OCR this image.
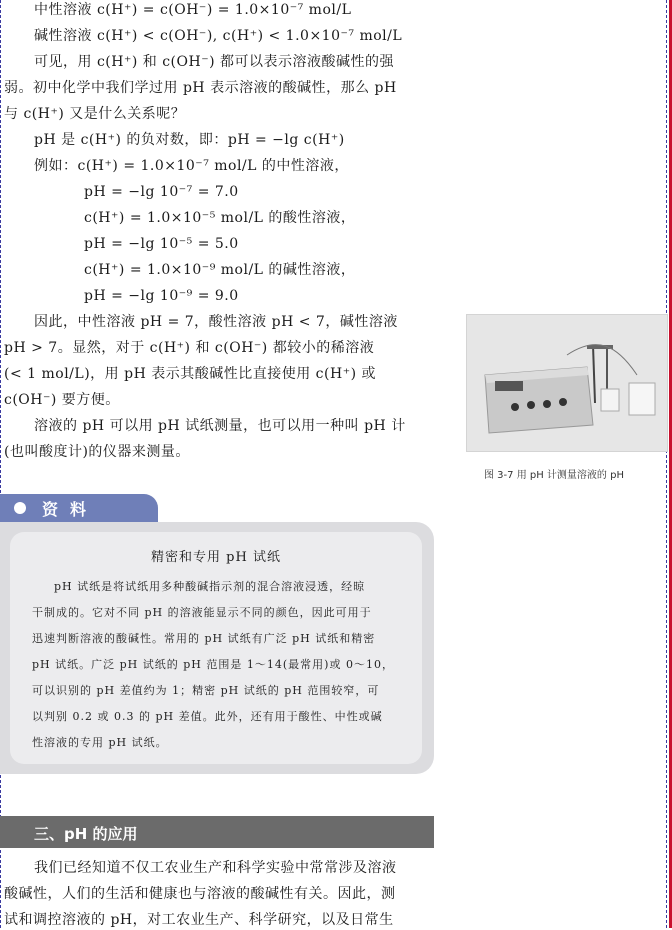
中性溶液 c(H⁺) = c(OH⁻) = 1.0×10⁻⁷ mol/L
碱性溶液 c(H⁺) < c(OH⁻), c(H⁺) < 1.0×10⁻⁷ mol/L
可见，用 c(H⁺) 和 c(OH⁻) 都可以表示溶液酸碱性的强
弱。初中化学中我们学过用 pH 表示溶液的酸碱性，那么 pH
与 c(H⁺) 又是什么关系呢？
pH 是 c(H⁺) 的负对数，即：pH = −lg c(H⁺)
例如：c(H⁺) = 1.0×10⁻⁷ mol/L 的中性溶液，
pH = −lg 10⁻⁷ = 7.0
c(H⁺) = 1.0×10⁻⁵ mol/L 的酸性溶液，
pH = −lg 10⁻⁵ = 5.0
c(H⁺) = 1.0×10⁻⁹ mol/L 的碱性溶液，
pH = −lg 10⁻⁹ = 9.0
因此，中性溶液 pH = 7，酸性溶液 pH < 7，碱性溶液
pH > 7。显然，对于 c(H⁺) 和 c(OH⁻) 都较小的稀溶液
(< 1 mol/L)，用 pH 表示其酸碱性比直接使用 c(H⁺) 或
c(OH⁻) 要方便。
溶液的 pH 可以用 pH 试纸测量，也可以用一种叫 pH 计
(也叫酸度计)的仪器来测量。
图 3-7 用 pH 计测量溶液的 pH
资料
精密和专用 pH 试纸
pH 试纸是将试纸用多种酸碱指示剂的混合溶液浸透，经晾
干制成的。它对不同 pH 的溶液能显示不同的颜色，因此可用于
迅速判断溶液的酸碱性。常用的 pH 试纸有广泛 pH 试纸和精密
pH 试纸。广泛 pH 试纸的 pH 范围是 1～14(最常用)或 0～10，
可以识别的 pH 差值约为 1；精密 pH 试纸的 pH 范围较窄，可
以判别 0.2 或 0.3 的 pH 差值。此外，还有用于酸性、中性或碱
性溶液的专用 pH 试纸。
三、pH 的应用
我们已经知道不仅工农业生产和科学实验中常常涉及溶液
酸碱性，人们的生活和健康也与溶液的酸碱性有关。因此，测
试和调控溶液的 pH，对工农业生产、科学研究，以及日常生
